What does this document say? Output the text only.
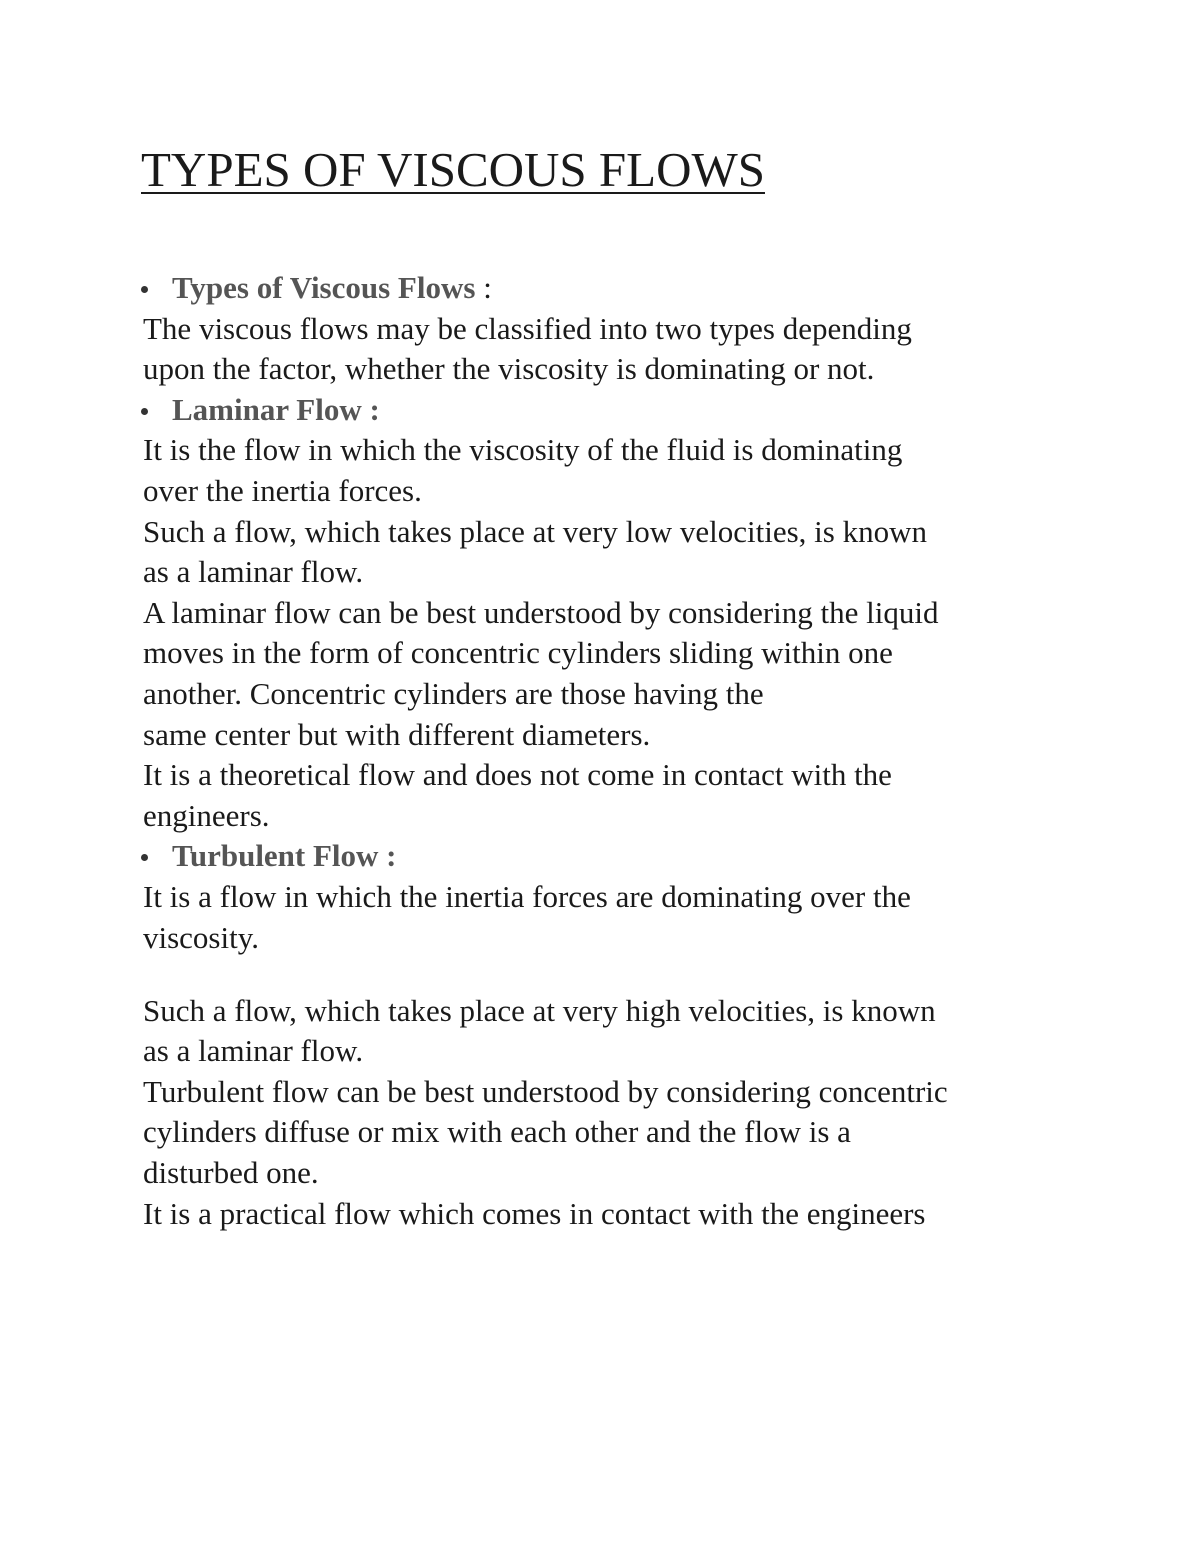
TYPES OF VISCOUS FLOWS
Types of Viscous Flows :
The viscous flows may be classified into two types depending
upon the factor, whether the viscosity is dominating or not.
Laminar Flow :
It is the flow in which the viscosity of the fluid is dominating
over the inertia forces.
Such a flow, which takes place at very low velocities, is known
as a laminar flow.
A laminar flow can be best understood by considering the liquid
moves in the form of concentric cylinders sliding within one
another. Concentric cylinders are those having the
same center but with different diameters.
It is a theoretical flow and does not come in contact with the
engineers.
Turbulent Flow :
It is a flow in which the inertia forces are dominating over the
viscosity.
Such a flow, which takes place at very high velocities, is known
as a laminar flow.
Turbulent flow can be best understood by considering concentric
cylinders diffuse or mix with each other and the flow is a
disturbed one.
It is a practical flow which comes in contact with the engineers
